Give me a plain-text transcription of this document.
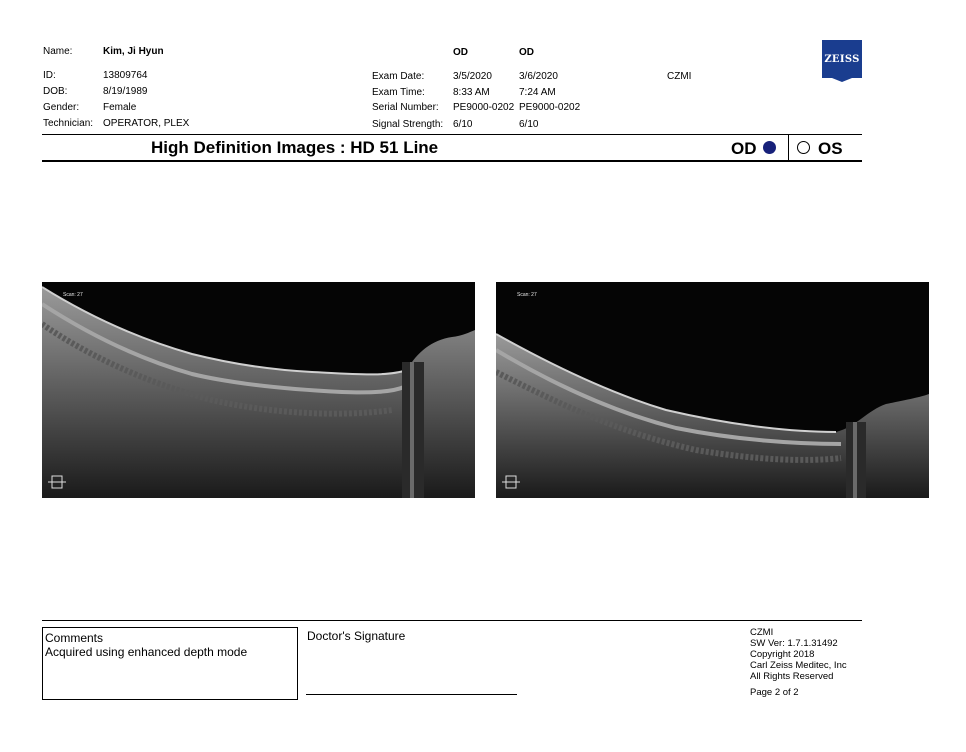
Name:	Kim, Ji Hyun
ID:	13809764
DOB:	8/19/1989
Gender: Female
Technician: OPERATOR, PLEX
OD	OD
Exam Date:	3/5/2020	3/6/2020
Exam Time:	8:33 AM	7:24 AM
Serial Number: PE9000-0202 PE9000-0202
Signal Strength: 6/10	6/10
CZMI
ZEISS
High Definition Images : HD 51 Line	OD	OS
Scan: 27	Scan: 27
Comments
Acquired using enhanced depth mode
Doctor's Signature	CZMI
SW Ver: 1.7.1.31492
Copyright 2018
Carl Zeiss Meditec, Inc
All Rights Reserved
Page 2 of 2
